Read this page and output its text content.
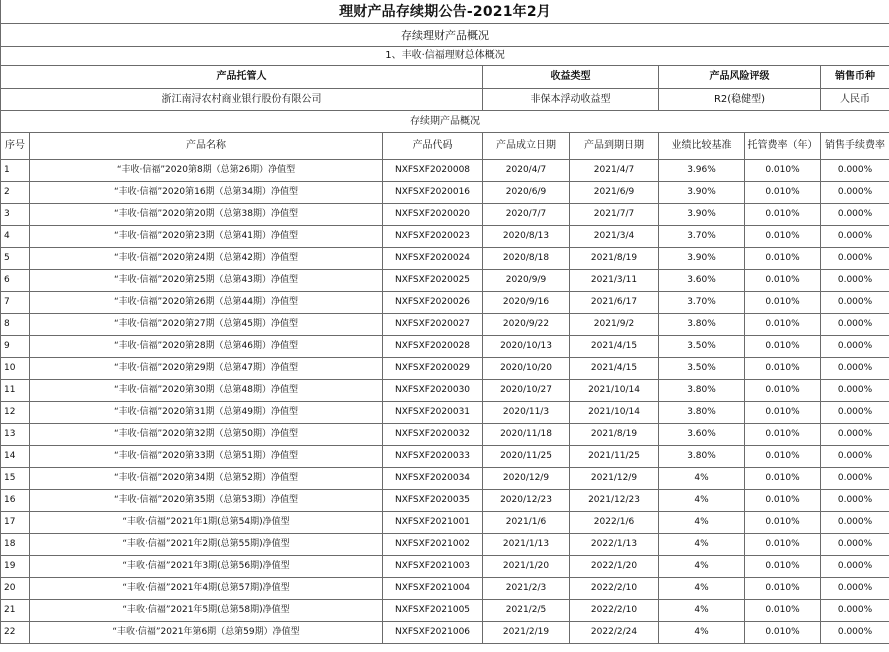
理财产品存续期公告-2021年2月							
存续理财产品概况							
1、丰收·信福理财总体概况							
产品托管人			收益类型		产品风险评级		销售币种
浙江南浔农村商业银行股份有限公司			非保本浮动收益型		R2(稳健型)		人民币
存续期产品概况							
序号	产品名称	产品代码	产品成立日期	产品到期日期	业绩比较基准	托管费率（年）	销售手续费率
1	“丰收·信福”2020第8期（总第26期）净值型	NXFSXF2020008	2020/4/7	2021/4/7	3.96%	0.010%	0.000%
2	“丰收·信福”2020第16期（总第34期）净值型	NXFSXF2020016	2020/6/9	2021/6/9	3.90%	0.010%	0.000%
3	“丰收·信福”2020第20期（总第38期）净值型	NXFSXF2020020	2020/7/7	2021/7/7	3.90%	0.010%	0.000%
4	“丰收·信福”2020第23期（总第41期）净值型	NXFSXF2020023	2020/8/13	2021/3/4	3.70%	0.010%	0.000%
5	“丰收·信福”2020第24期（总第42期）净值型	NXFSXF2020024	2020/8/18	2021/8/19	3.90%	0.010%	0.000%
6	“丰收·信福”2020第25期（总第43期）净值型	NXFSXF2020025	2020/9/9	2021/3/11	3.60%	0.010%	0.000%
7	“丰收·信福”2020第26期（总第44期）净值型	NXFSXF2020026	2020/9/16	2021/6/17	3.70%	0.010%	0.000%
8	“丰收·信福”2020第27期（总第45期）净值型	NXFSXF2020027	2020/9/22	2021/9/2	3.80%	0.010%	0.000%
9	“丰收·信福”2020第28期（总第46期）净值型	NXFSXF2020028	2020/10/13	2021/4/15	3.50%	0.010%	0.000%
10	“丰收·信福”2020第29期（总第47期）净值型	NXFSXF2020029	2020/10/20	2021/4/15	3.50%	0.010%	0.000%
11	“丰收·信福”2020第30期（总第48期）净值型	NXFSXF2020030	2020/10/27	2021/10/14	3.80%	0.010%	0.000%
12	“丰收·信福”2020第31期（总第49期）净值型	NXFSXF2020031	2020/11/3	2021/10/14	3.80%	0.010%	0.000%
13	“丰收·信福”2020第32期（总第50期）净值型	NXFSXF2020032	2020/11/18	2021/8/19	3.60%	0.010%	0.000%
14	“丰收·信福”2020第33期（总第51期）净值型	NXFSXF2020033	2020/11/25	2021/11/25	3.80%	0.010%	0.000%
15	“丰收·信福”2020第34期（总第52期）净值型	NXFSXF2020034	2020/12/9	2021/12/9	4%	0.010%	0.000%
16	“丰收·信福”2020第35期（总第53期）净值型	NXFSXF2020035	2020/12/23	2021/12/23	4%	0.010%	0.000%
17	“丰收·信福”2021年1期(总第54期)净值型	NXFSXF2021001	2021/1/6	2022/1/6	4%	0.010%	0.000%
18	“丰收·信福”2021年2期(总第55期)净值型	NXFSXF2021002	2021/1/13	2022/1/13	4%	0.010%	0.000%
19	“丰收·信福”2021年3期(总第56期)净值型	NXFSXF2021003	2021/1/20	2022/1/20	4%	0.010%	0.000%
20	“丰收·信福”2021年4期(总第57期)净值型	NXFSXF2021004	2021/2/3	2022/2/10	4%	0.010%	0.000%
21	“丰收·信福”2021年5期(总第58期)净值型	NXFSXF2021005	2021/2/5	2022/2/10	4%	0.010%	0.000%
22	“丰收·信福”2021年第6期（总第59期）净值型	NXFSXF2021006	2021/2/19	2022/2/24	4%	0.010%	0.000%
